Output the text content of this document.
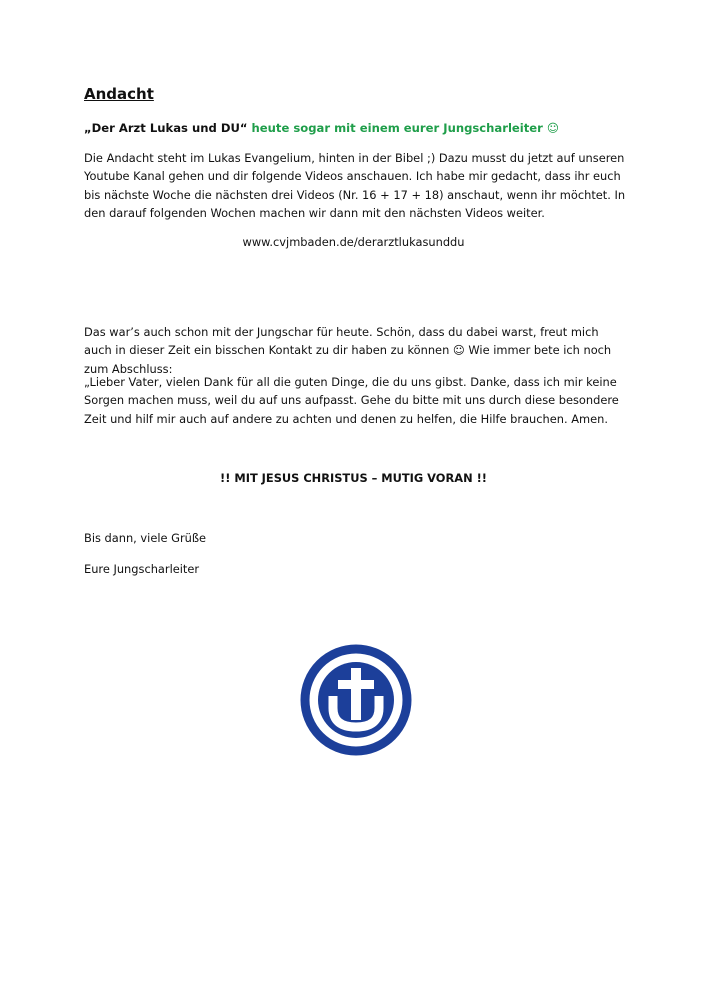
Andacht

„Der Arzt Lukas und DU“ heute sogar mit einem eurer Jungscharleiter ☺

Die Andacht steht im Lukas Evangelium, hinten in der Bibel ;) Dazu musst du jetzt auf unseren Youtube Kanal gehen und dir folgende Videos anschauen. Ich habe mir gedacht, dass ihr euch bis nächste Woche die nächsten drei Videos (Nr. 16 + 17 + 18) anschaut, wenn ihr möchtet. In den darauf folgenden Wochen machen wir dann mit den nächsten Videos weiter.

www.cvjmbaden.de/derarztlukasunddu

Das war’s auch schon mit der Jungschar für heute. Schön, dass du dabei warst, freut mich auch in dieser Zeit ein bisschen Kontakt zu dir haben zu können ☺ Wie immer bete ich noch zum Abschluss:

„Lieber Vater, vielen Dank für all die guten Dinge, die du uns gibst. Danke, dass ich mir keine Sorgen machen muss, weil du auf uns aufpasst. Gehe du bitte mit uns durch diese besondere Zeit und hilf mir auch auf andere zu achten und denen zu helfen, die Hilfe brauchen. Amen.

!! MIT JESUS CHRISTUS – MUTIG VORAN !!

Bis dann, viele Grüße

Eure Jungscharleiter
